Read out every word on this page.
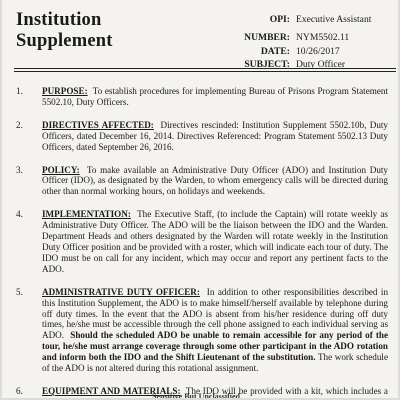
Institution
Supplement
OPI: Executive Assistant
NUMBER: NYM5502.11
DATE: 10/26/2017
SUBJECT: Duty Officer
1.	PURPOSE: To establish procedures for implementing Bureau of Prisons Program Statement 5502.10, Duty Officers.
2.	DIRECTIVES AFFECTED: Directives rescinded: Institution Supplement 5502.10b, Duty Officers, dated December 16, 2014. Directives Referenced: Program Statement 5502.13 Duty Officers, dated September 26, 2016.
3.	POLICY: To make available an Administrative Duty Officer (ADO) and Institution Duty Officer (IDO), as designated by the Warden, to whom emergency calls will be directed during other than normal working hours, on holidays and weekends.
4.	IMPLEMENTATION: The Executive Staff, (to include the Captain) will rotate weekly as Administrative Duty Officer. The ADO will be the liaison between the IDO and the Warden. Department Heads and others designated by the Warden will rotate weekly in the Institution Duty Officer position and be provided with a roster, which will indicate each tour of duty. The IDO must be on call for any incident, which may occur and report any pertinent facts to the ADO.
5.	ADMINISTRATIVE DUTY OFFICER: In addition to other responsibilities described in this Institution Supplement, the ADO is to make himself/herself available by telephone during off duty times. In the event that the ADO is absent from his/her residence during off duty times, he/she must be accessible through the cell phone assigned to each individual serving as ADO. Should the scheduled ADO be unable to remain accessible for any period of the tour, he/she must arrange coverage through some other participant in the ADO rotation and inform both the IDO and the Shift Lieutenant of the substitution. The work schedule of the ADO is not altered during this rotational assignment.
6.	EQUIPMENT AND MATERIALS: The IDO will be provided with a kit, which includes a
Sensitive But Unclassified
